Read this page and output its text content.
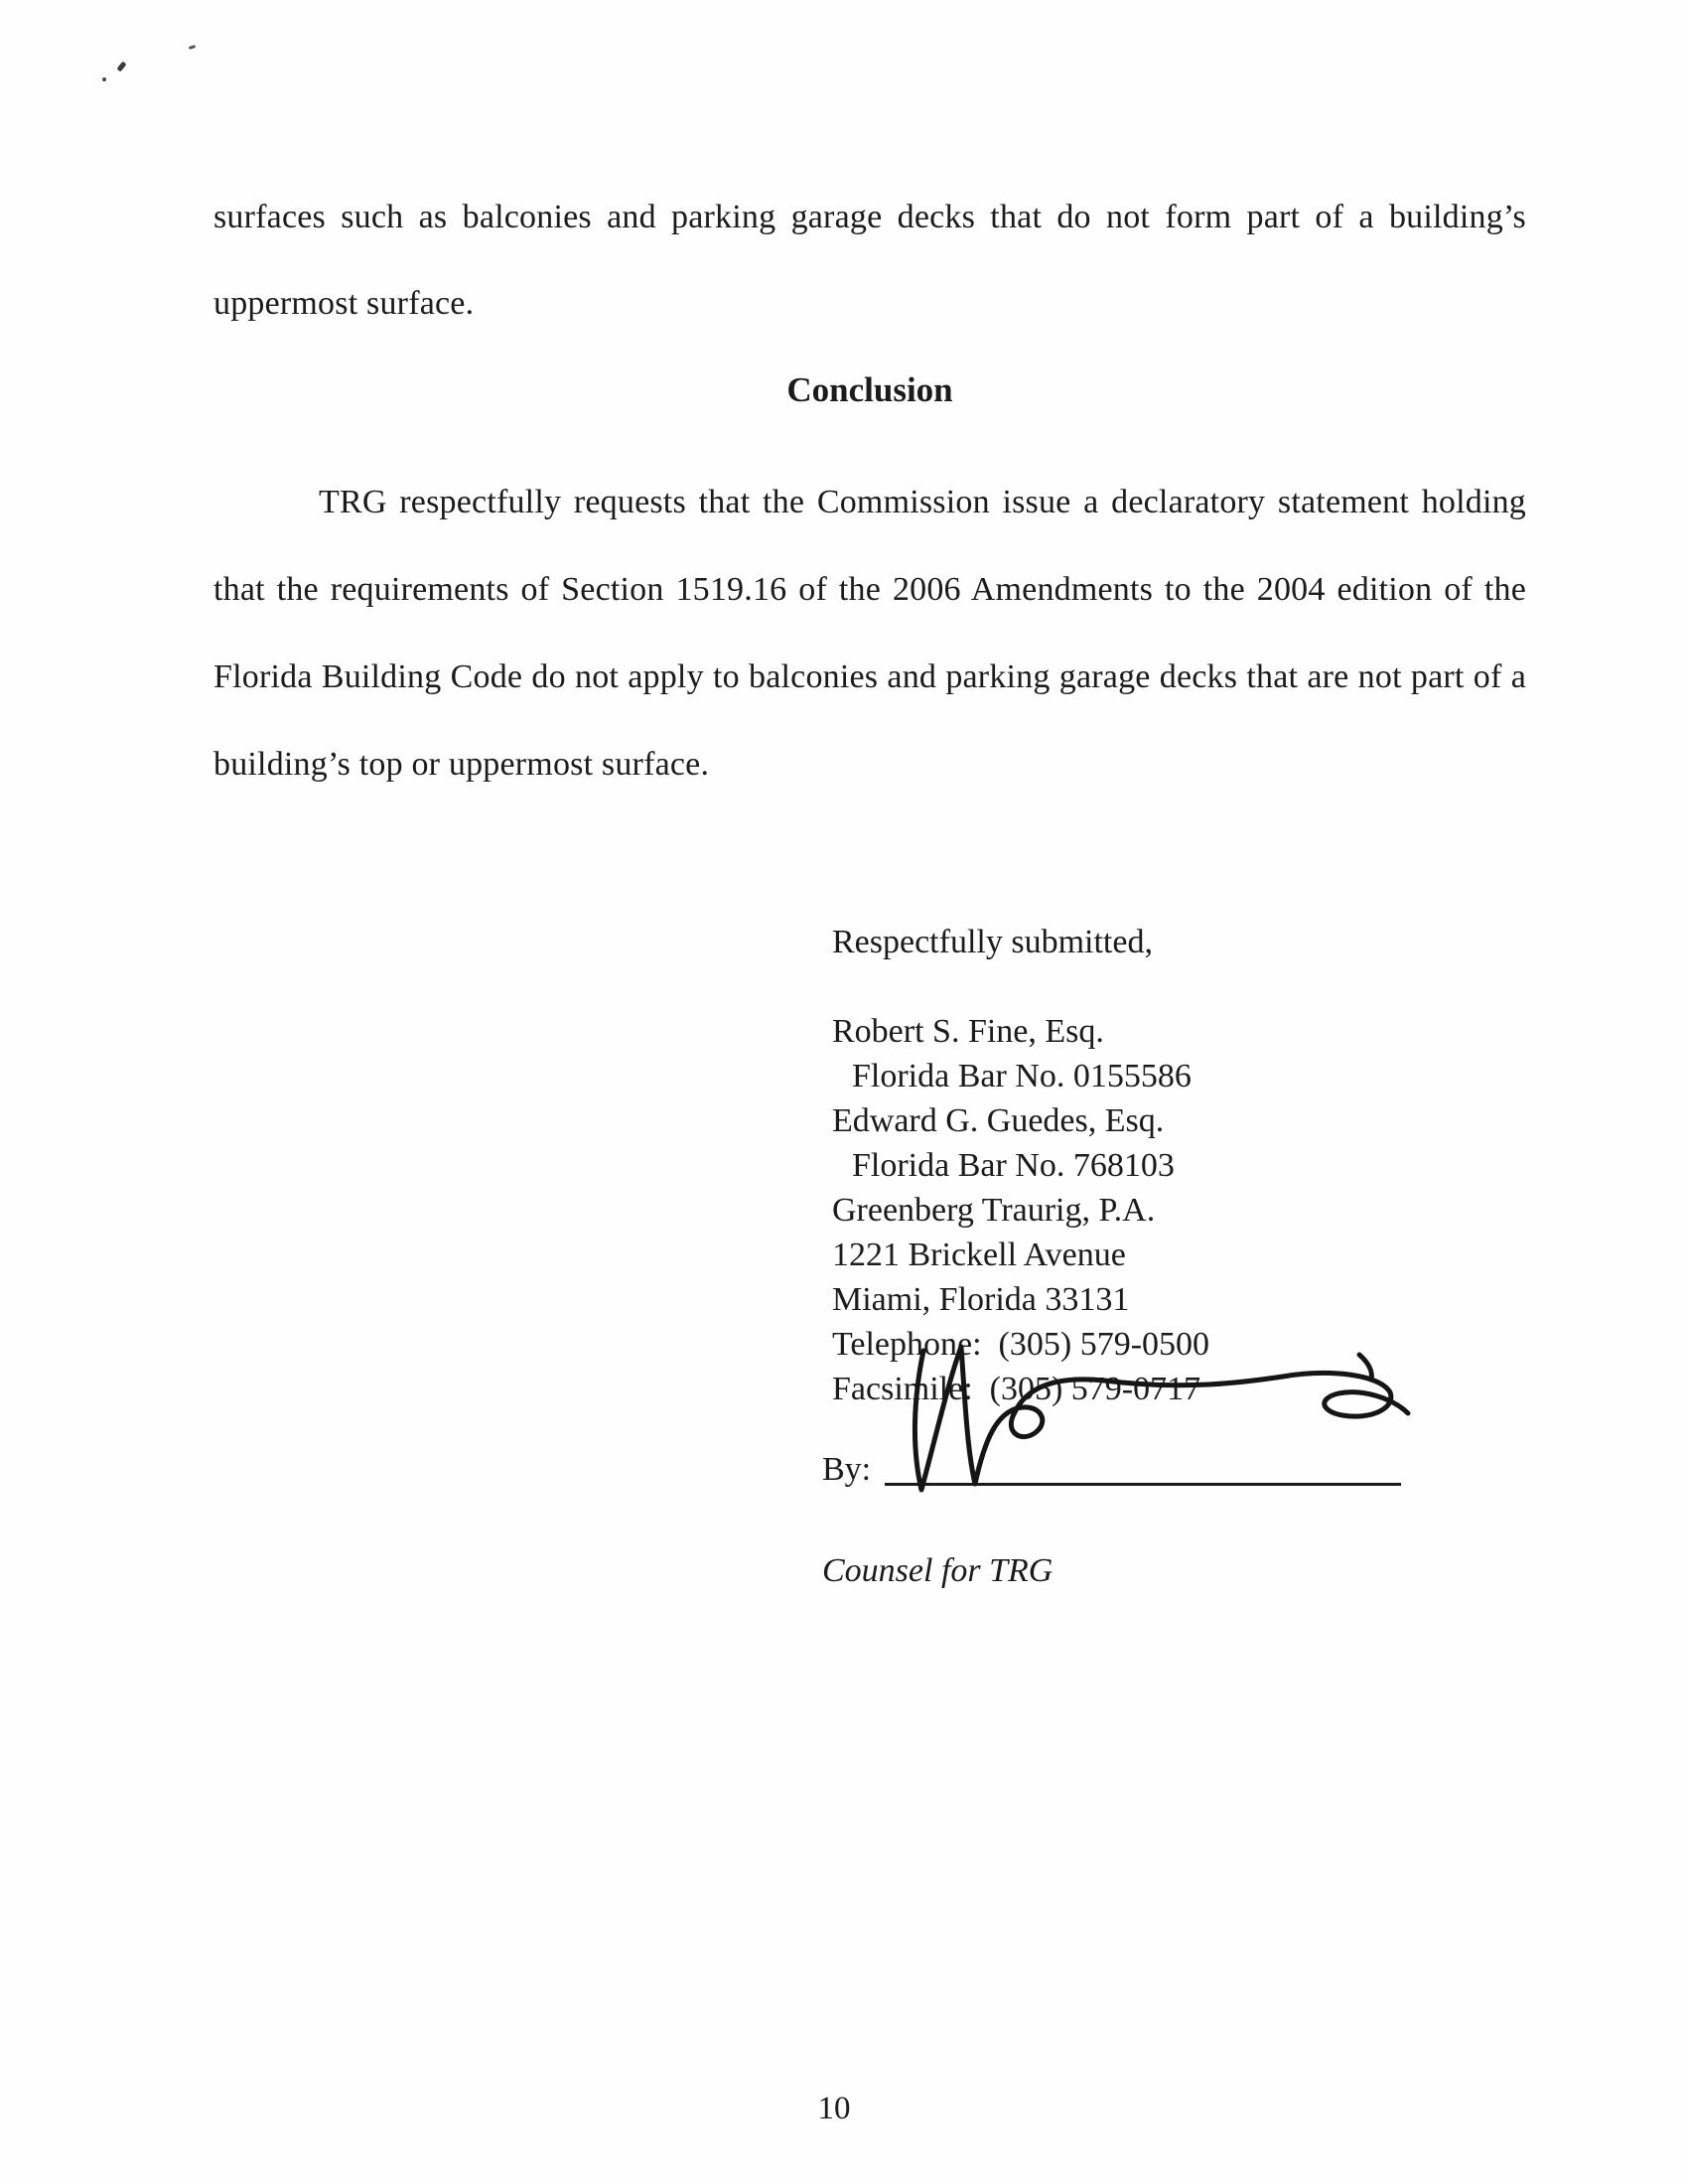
surfaces such as balconies and parking garage decks that do not form part of a building’s uppermost surface.

Conclusion

TRG respectfully requests that the Commission issue a declaratory statement holding that the requirements of Section 1519.16 of the 2006 Amendments to the 2004 edition of the Florida Building Code do not apply to balconies and parking garage decks that are not part of a building’s top or uppermost surface.

Respectfully submitted,
Robert S. Fine, Esq.
Florida Bar No. 0155586
Edward G. Guedes, Esq.
Florida Bar No. 768103
Greenberg Traurig, P.A.
1221 Brickell Avenue
Miami, Florida 33131
Telephone:  (305) 579-0500
Facsimile:  (305) 579-0717
By:
Counsel for TRG
10
